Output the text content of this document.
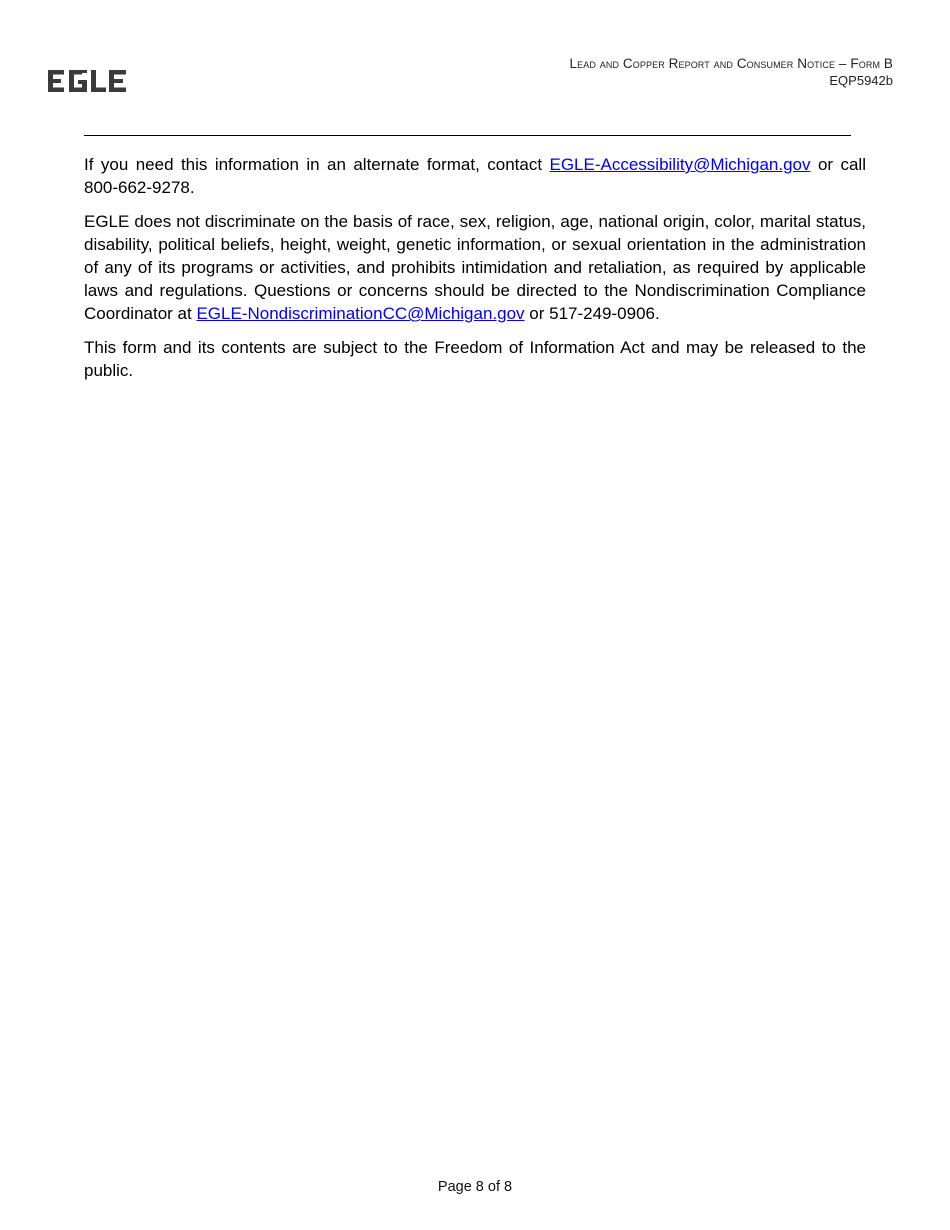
Lead and Copper Report and Consumer Notice – Form B
EQP5942b

If you need this information in an alternate format, contact EGLE-Accessibility@Michigan.gov or call 800-662-9278.

EGLE does not discriminate on the basis of race, sex, religion, age, national origin, color, marital status, disability, political beliefs, height, weight, genetic information, or sexual orientation in the administration of any of its programs or activities, and prohibits intimidation and retaliation, as required by applicable laws and regulations. Questions or concerns should be directed to the Nondiscrimination Compliance Coordinator at EGLE-NondiscriminationCC@Michigan.gov or 517-249-0906.

This form and its contents are subject to the Freedom of Information Act and may be released to the public.

Page 8 of 8
